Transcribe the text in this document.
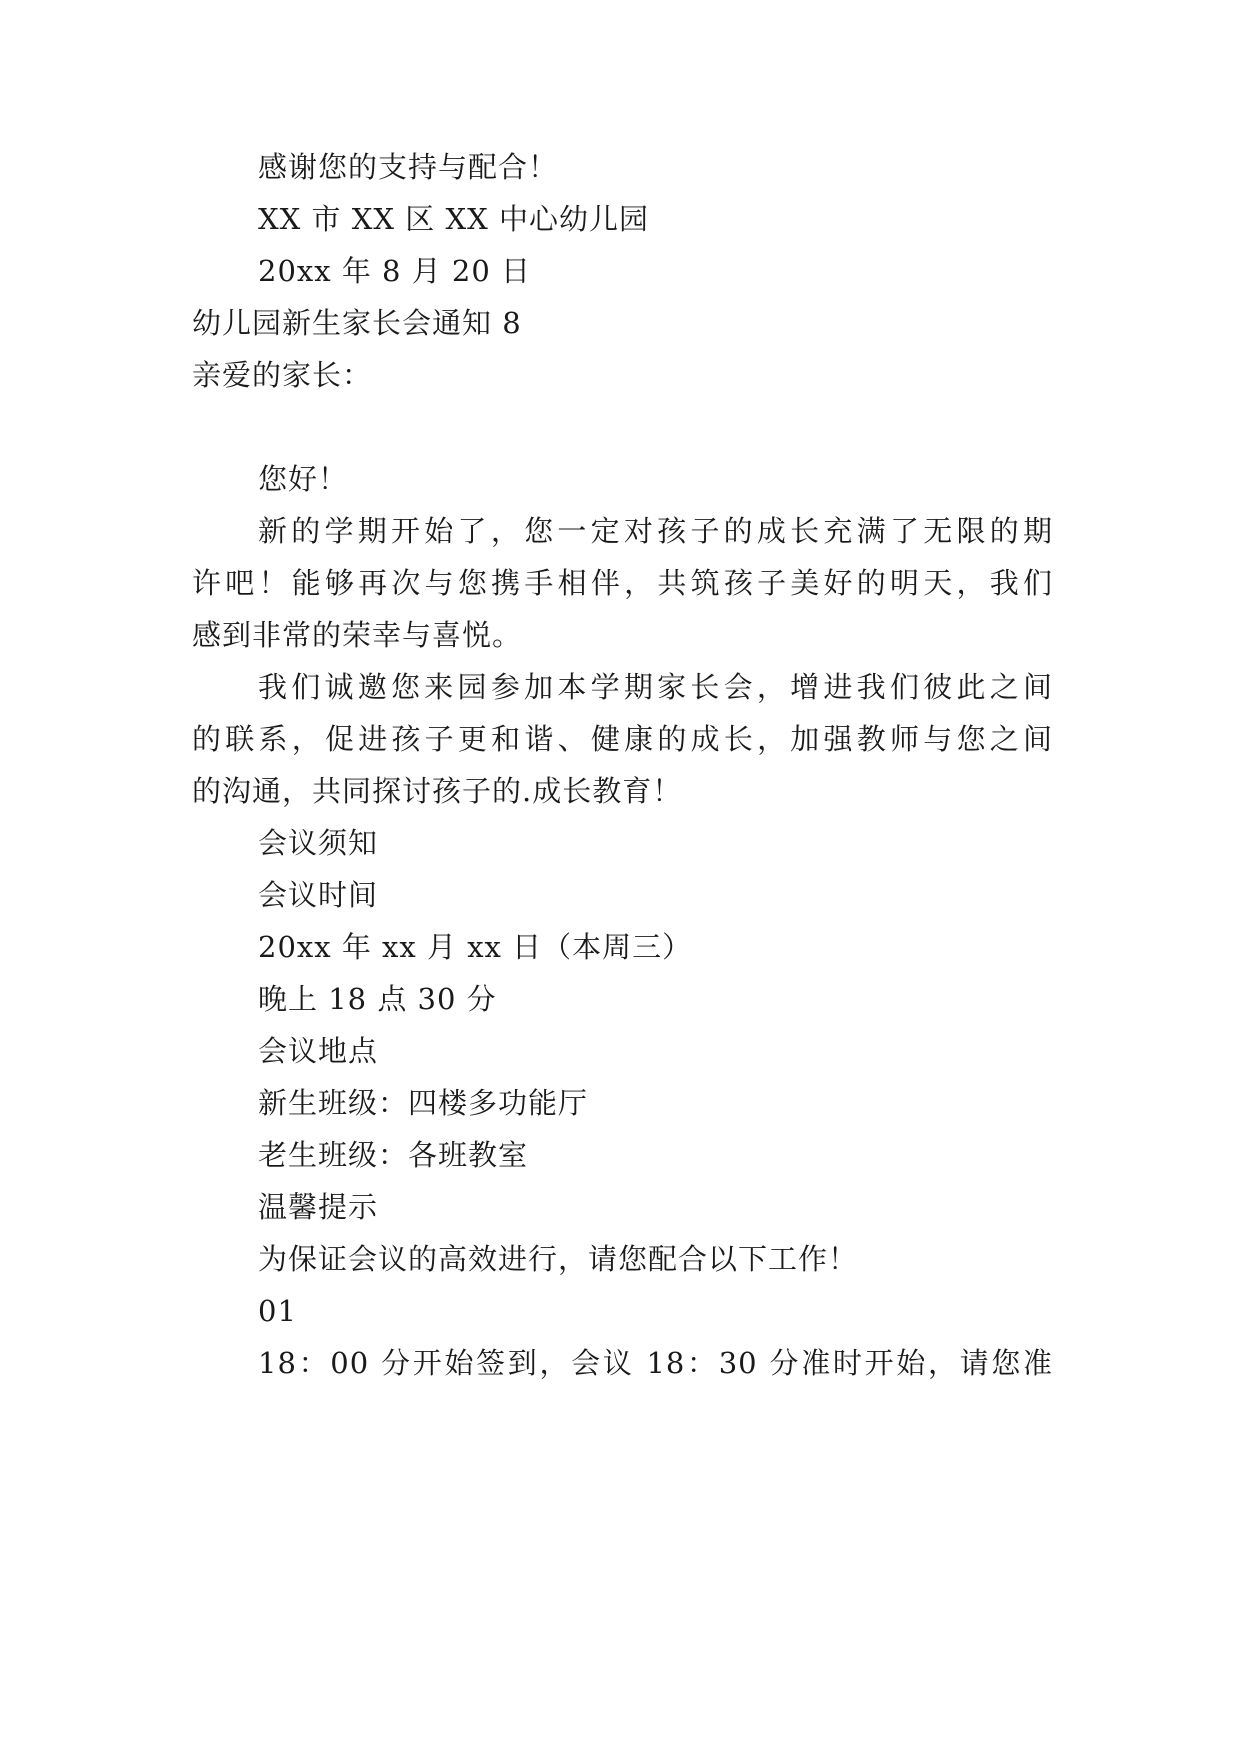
感谢您的支持与配合！
XX 市 XX 区 XX 中心幼儿园
20xx 年 8 月 20 日
幼儿园新生家长会通知 8
亲爱的家长：
您好！
新的学期开始了，您一定对孩子的成长充满了无限的期
许吧！能够再次与您携手相伴，共筑孩子美好的明天，我们
感到非常的荣幸与喜悦。
我们诚邀您来园参加本学期家长会，增进我们彼此之间
的联系，促进孩子更和谐、健康的成长，加强教师与您之间
的沟通，共同探讨孩子的.成长教育！
会议须知
会议时间
20xx 年 xx 月 xx 日（本周三）
晚上 18 点 30 分
会议地点
新生班级：四楼多功能厅
老生班级：各班教室
温馨提示
为保证会议的高效进行，请您配合以下工作！
01
18：00 分开始签到，会议 18：30 分准时开始，请您准
